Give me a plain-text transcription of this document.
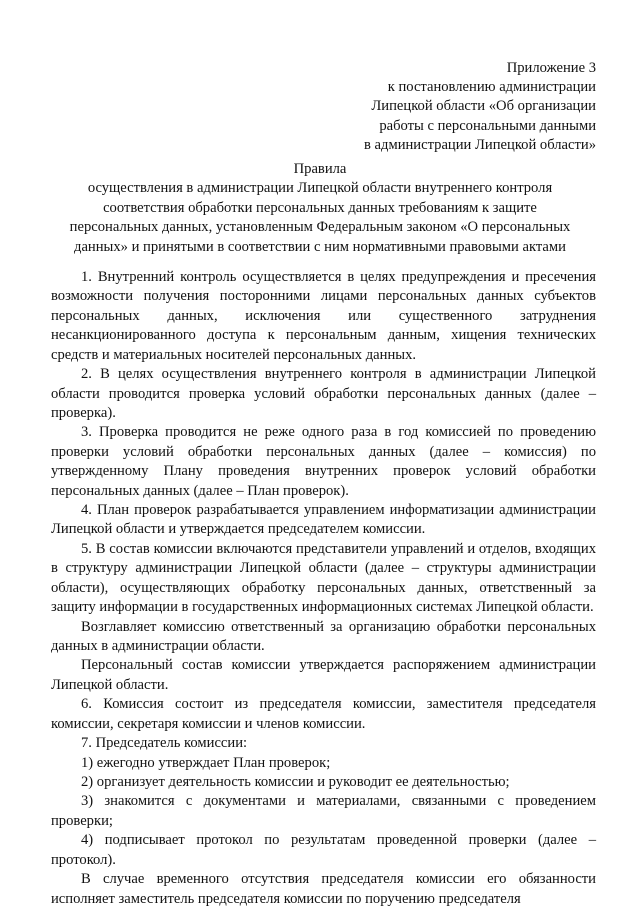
Приложение 3
к постановлению администрации
Липецкой области «Об организации
работы с персональными данными
в администрации Липецкой области»
Правила
осуществления в администрации Липецкой области внутреннего контроля
соответствия обработки персональных данных требованиям к защите
персональных данных, установленным Федеральным законом «О персональных
данных» и принятыми в соответствии с ним нормативными правовыми актами

1. Внутренний контроль осуществляется в целях предупреждения и пресечения возможности получения посторонними лицами персональных данных субъектов персональных данных, исключения или существенного затруднения несанкционированного доступа к персональным данным, хищения технических средств и материальных носителей персональных данных.

2. В целях осуществления внутреннего контроля в администрации Липецкой области проводится проверка условий обработки персональных данных (далее – проверка).

3. Проверка проводится не реже одного раза в год комиссией по проведению проверки условий обработки персональных данных (далее – комиссия) по утвержденному Плану проведения внутренних проверок условий обработки персональных данных (далее – План проверок).

4. План проверок разрабатывается управлением информатизации администрации Липецкой области и утверждается председателем комиссии.

5. В состав комиссии включаются представители управлений и отделов, входящих в структуру администрации Липецкой области (далее – структуры администрации области), осуществляющих обработку персональных данных, ответственный за защиту информации в государственных информационных системах Липецкой области.

Возглавляет комиссию ответственный за организацию обработки персональных данных в администрации области.

Персональный состав комиссии утверждается распоряжением администрации Липецкой области.

6. Комиссия состоит из председателя комиссии, заместителя председателя комиссии, секретаря комиссии и членов комиссии.

7. Председатель комиссии:

1) ежегодно утверждает План проверок;

2) организует деятельность комиссии и руководит ее деятельностью;

3) знакомится с документами и материалами, связанными с проведением проверки;

4) подписывает протокол по результатам проведенной проверки (далее – протокол).

В случае временного отсутствия председателя комиссии его обязанности исполняет заместитель председателя комиссии по поручению председателя
